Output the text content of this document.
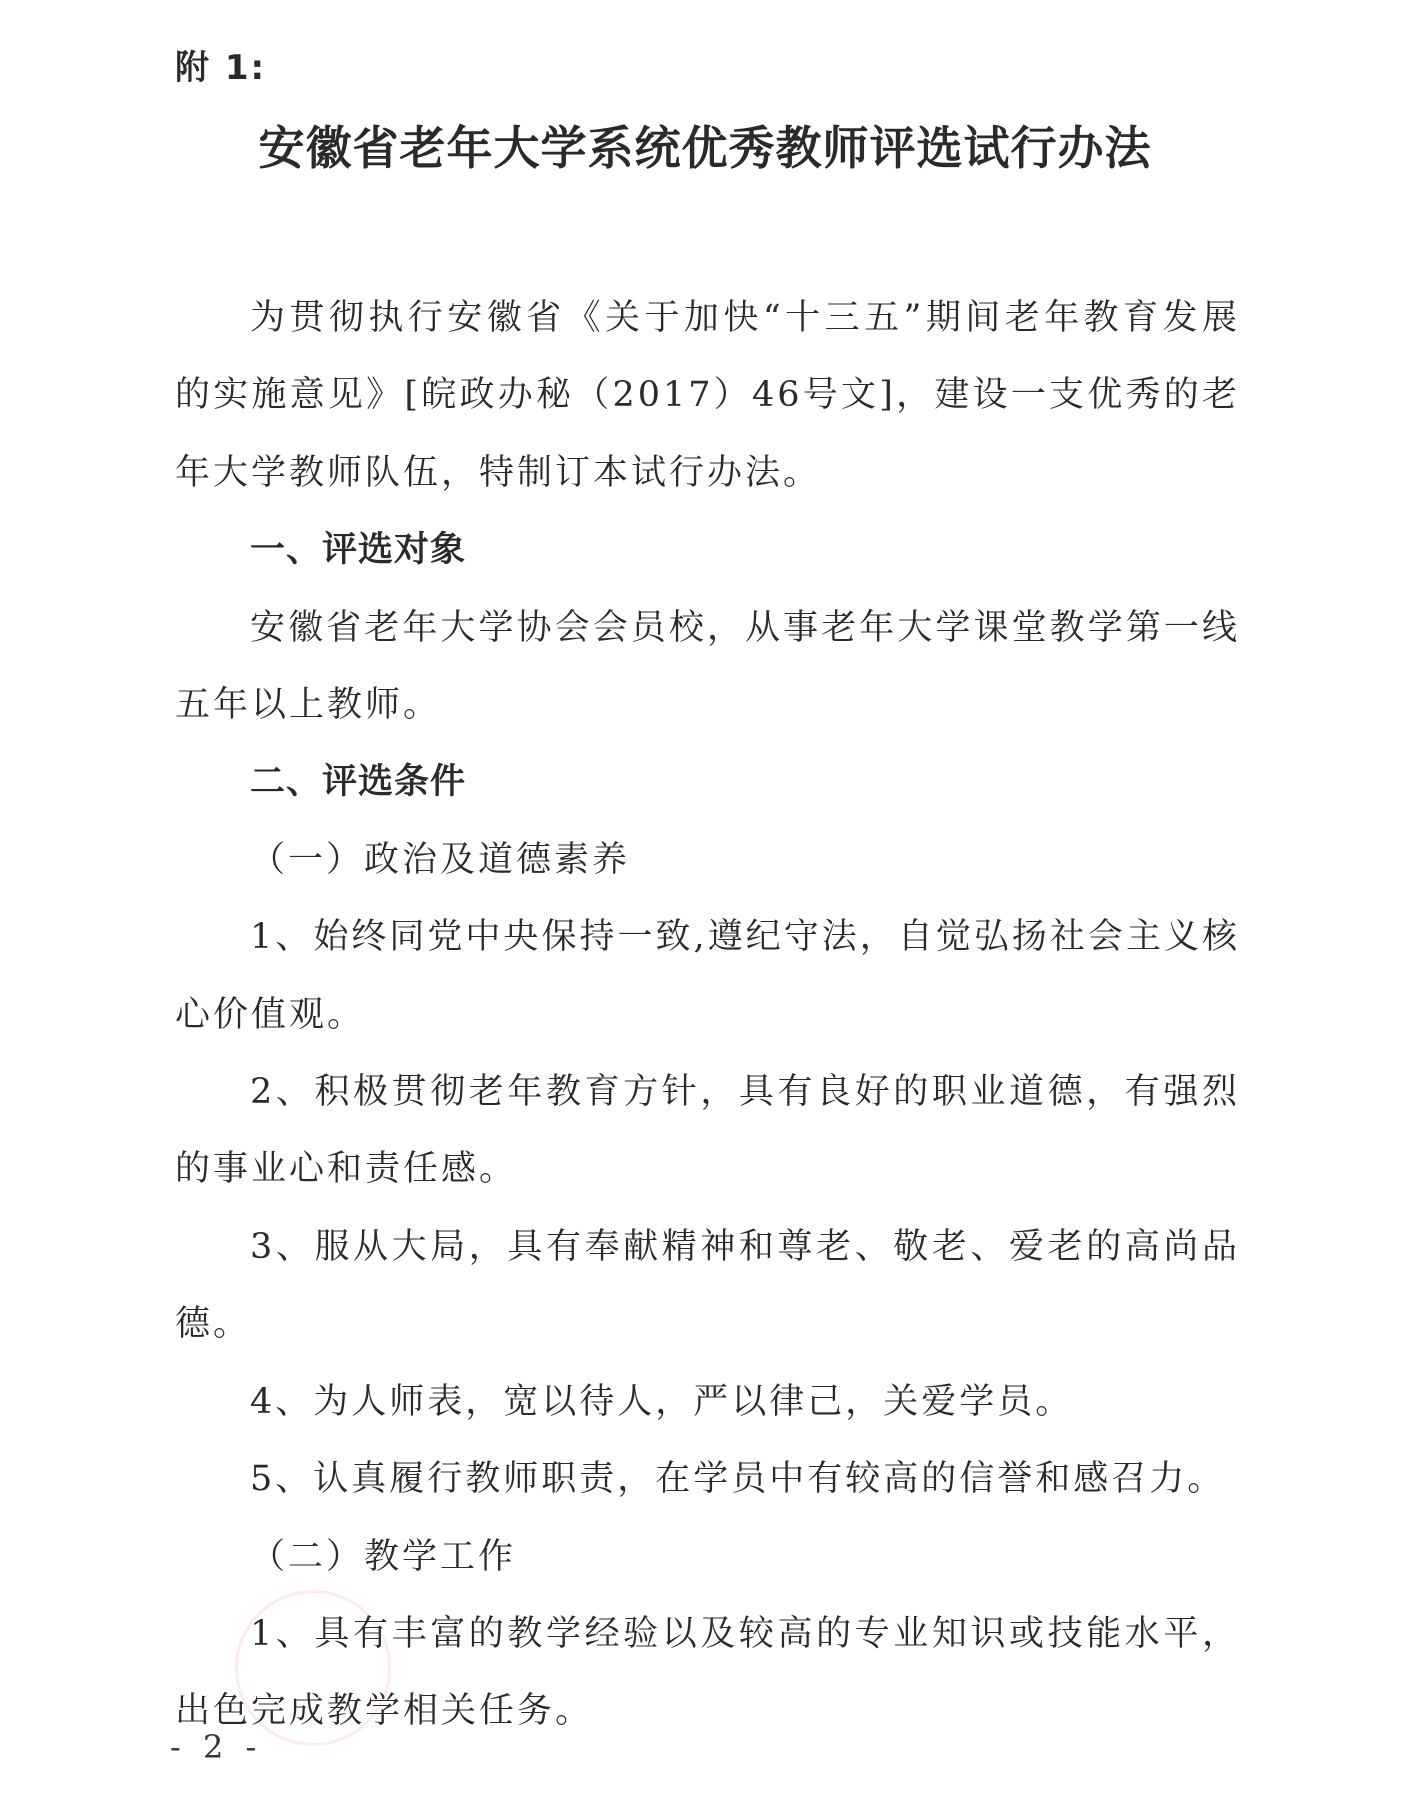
附 1:
安徽省老年大学系统优秀教师评选试行办法

为贯彻执行安徽省《关于加快“十三五”期间老年教育发展的实施意见》[皖政办秘（2017）46号文]，建设一支优秀的老年大学教师队伍，特制订本试行办法。

一、评选对象

安徽省老年大学协会会员校，从事老年大学课堂教学第一线五年以上教师。

二、评选条件

（一）政治及道德素养

1、始终同党中央保持一致,遵纪守法，自觉弘扬社会主义核心价值观。

2、积极贯彻老年教育方针，具有良好的职业道德，有强烈的事业心和责任感。

3、服从大局，具有奉献精神和尊老、敬老、爱老的高尚品德。

4、为人师表，宽以待人，严以律己，关爱学员。

5、认真履行教师职责，在学员中有较高的信誉和感召力。

（二）教学工作

1、具有丰富的教学经验以及较高的专业知识或技能水平，出色完成教学相关任务。

- 2 -
